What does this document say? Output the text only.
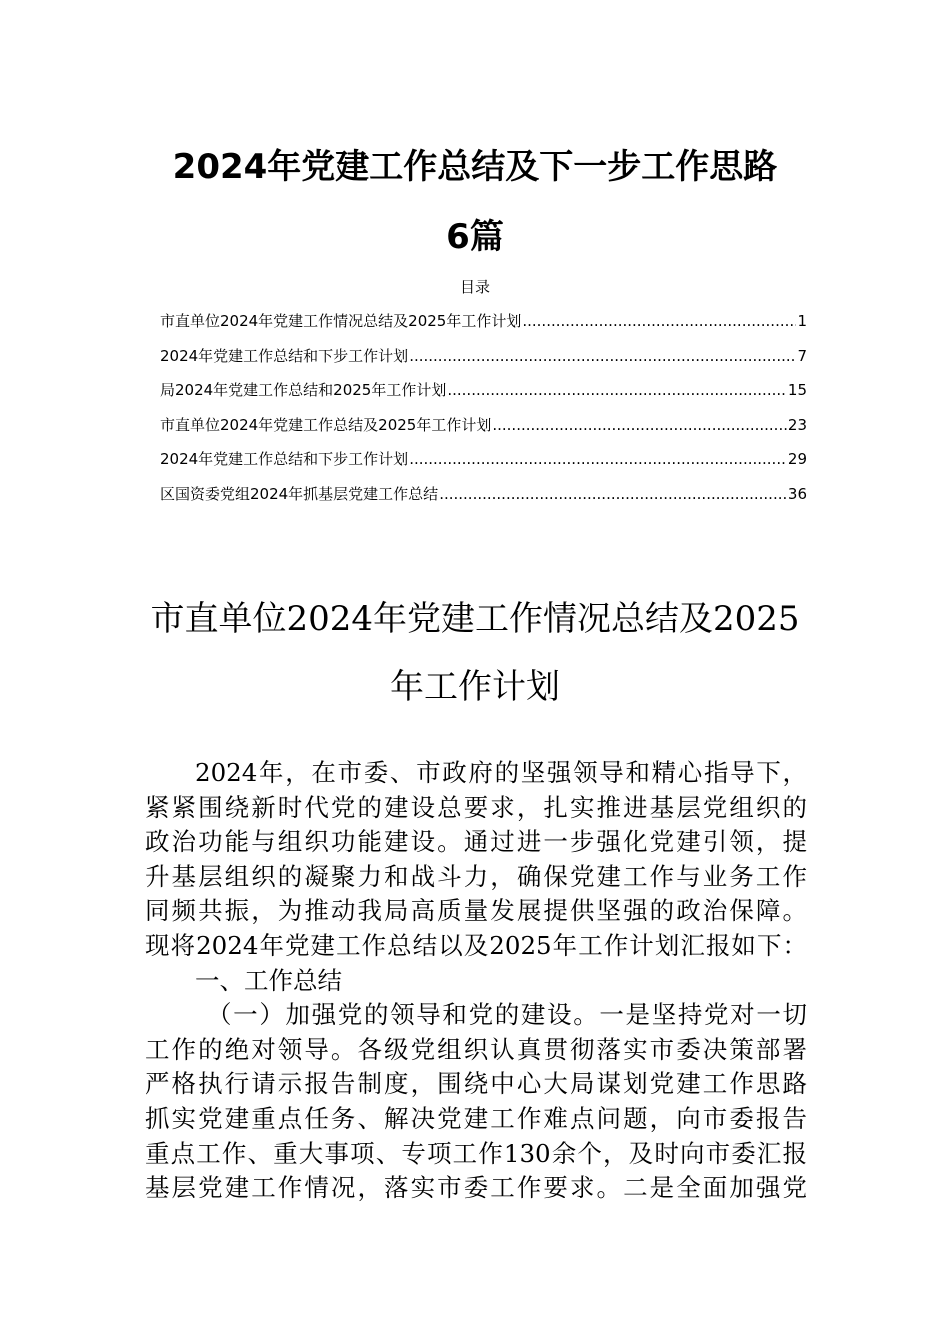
2024年党建工作总结及下一步工作思路
6篇
目录
市直单位2024年党建工作情况总结及2025年工作计划 .....	1
2024年党建工作总结和下步工作计划 .....	7
局2024年党建工作总结和2025年工作计划 .....	15
市直单位2024年党建工作总结及2025年工作计划 .....	23
2024年党建工作总结和下步工作计划 .....	29
区国资委党组2024年抓基层党建工作总结 .....	36
市直单位2024年党建工作情况总结及2025
年工作计划

2024年，在市委、市政府的坚强领导和精心指导下，

紧紧围绕新时代党的建设总要求，扎实推进基层党组织的

政治功能与组织功能建设。通过进一步强化党建引领，提

升基层组织的凝聚力和战斗力，确保党建工作与业务工作

同频共振，为推动我局高质量发展提供坚强的政治保障。

现将2024年党建工作总结以及2025年工作计划汇报如下：

一、工作总结

（一）加强党的领导和党的建设。一是坚持党对一切

工作的绝对领导。各级党组织认真贯彻落实市委决策部署

严格执行请示报告制度，围绕中心大局谋划党建工作思路

抓实党建重点任务、解决党建工作难点问题，向市委报告

重点工作、重大事项、专项工作130余个，及时向市委汇报

基层党建工作情况，落实市委工作要求。二是全面加强党
